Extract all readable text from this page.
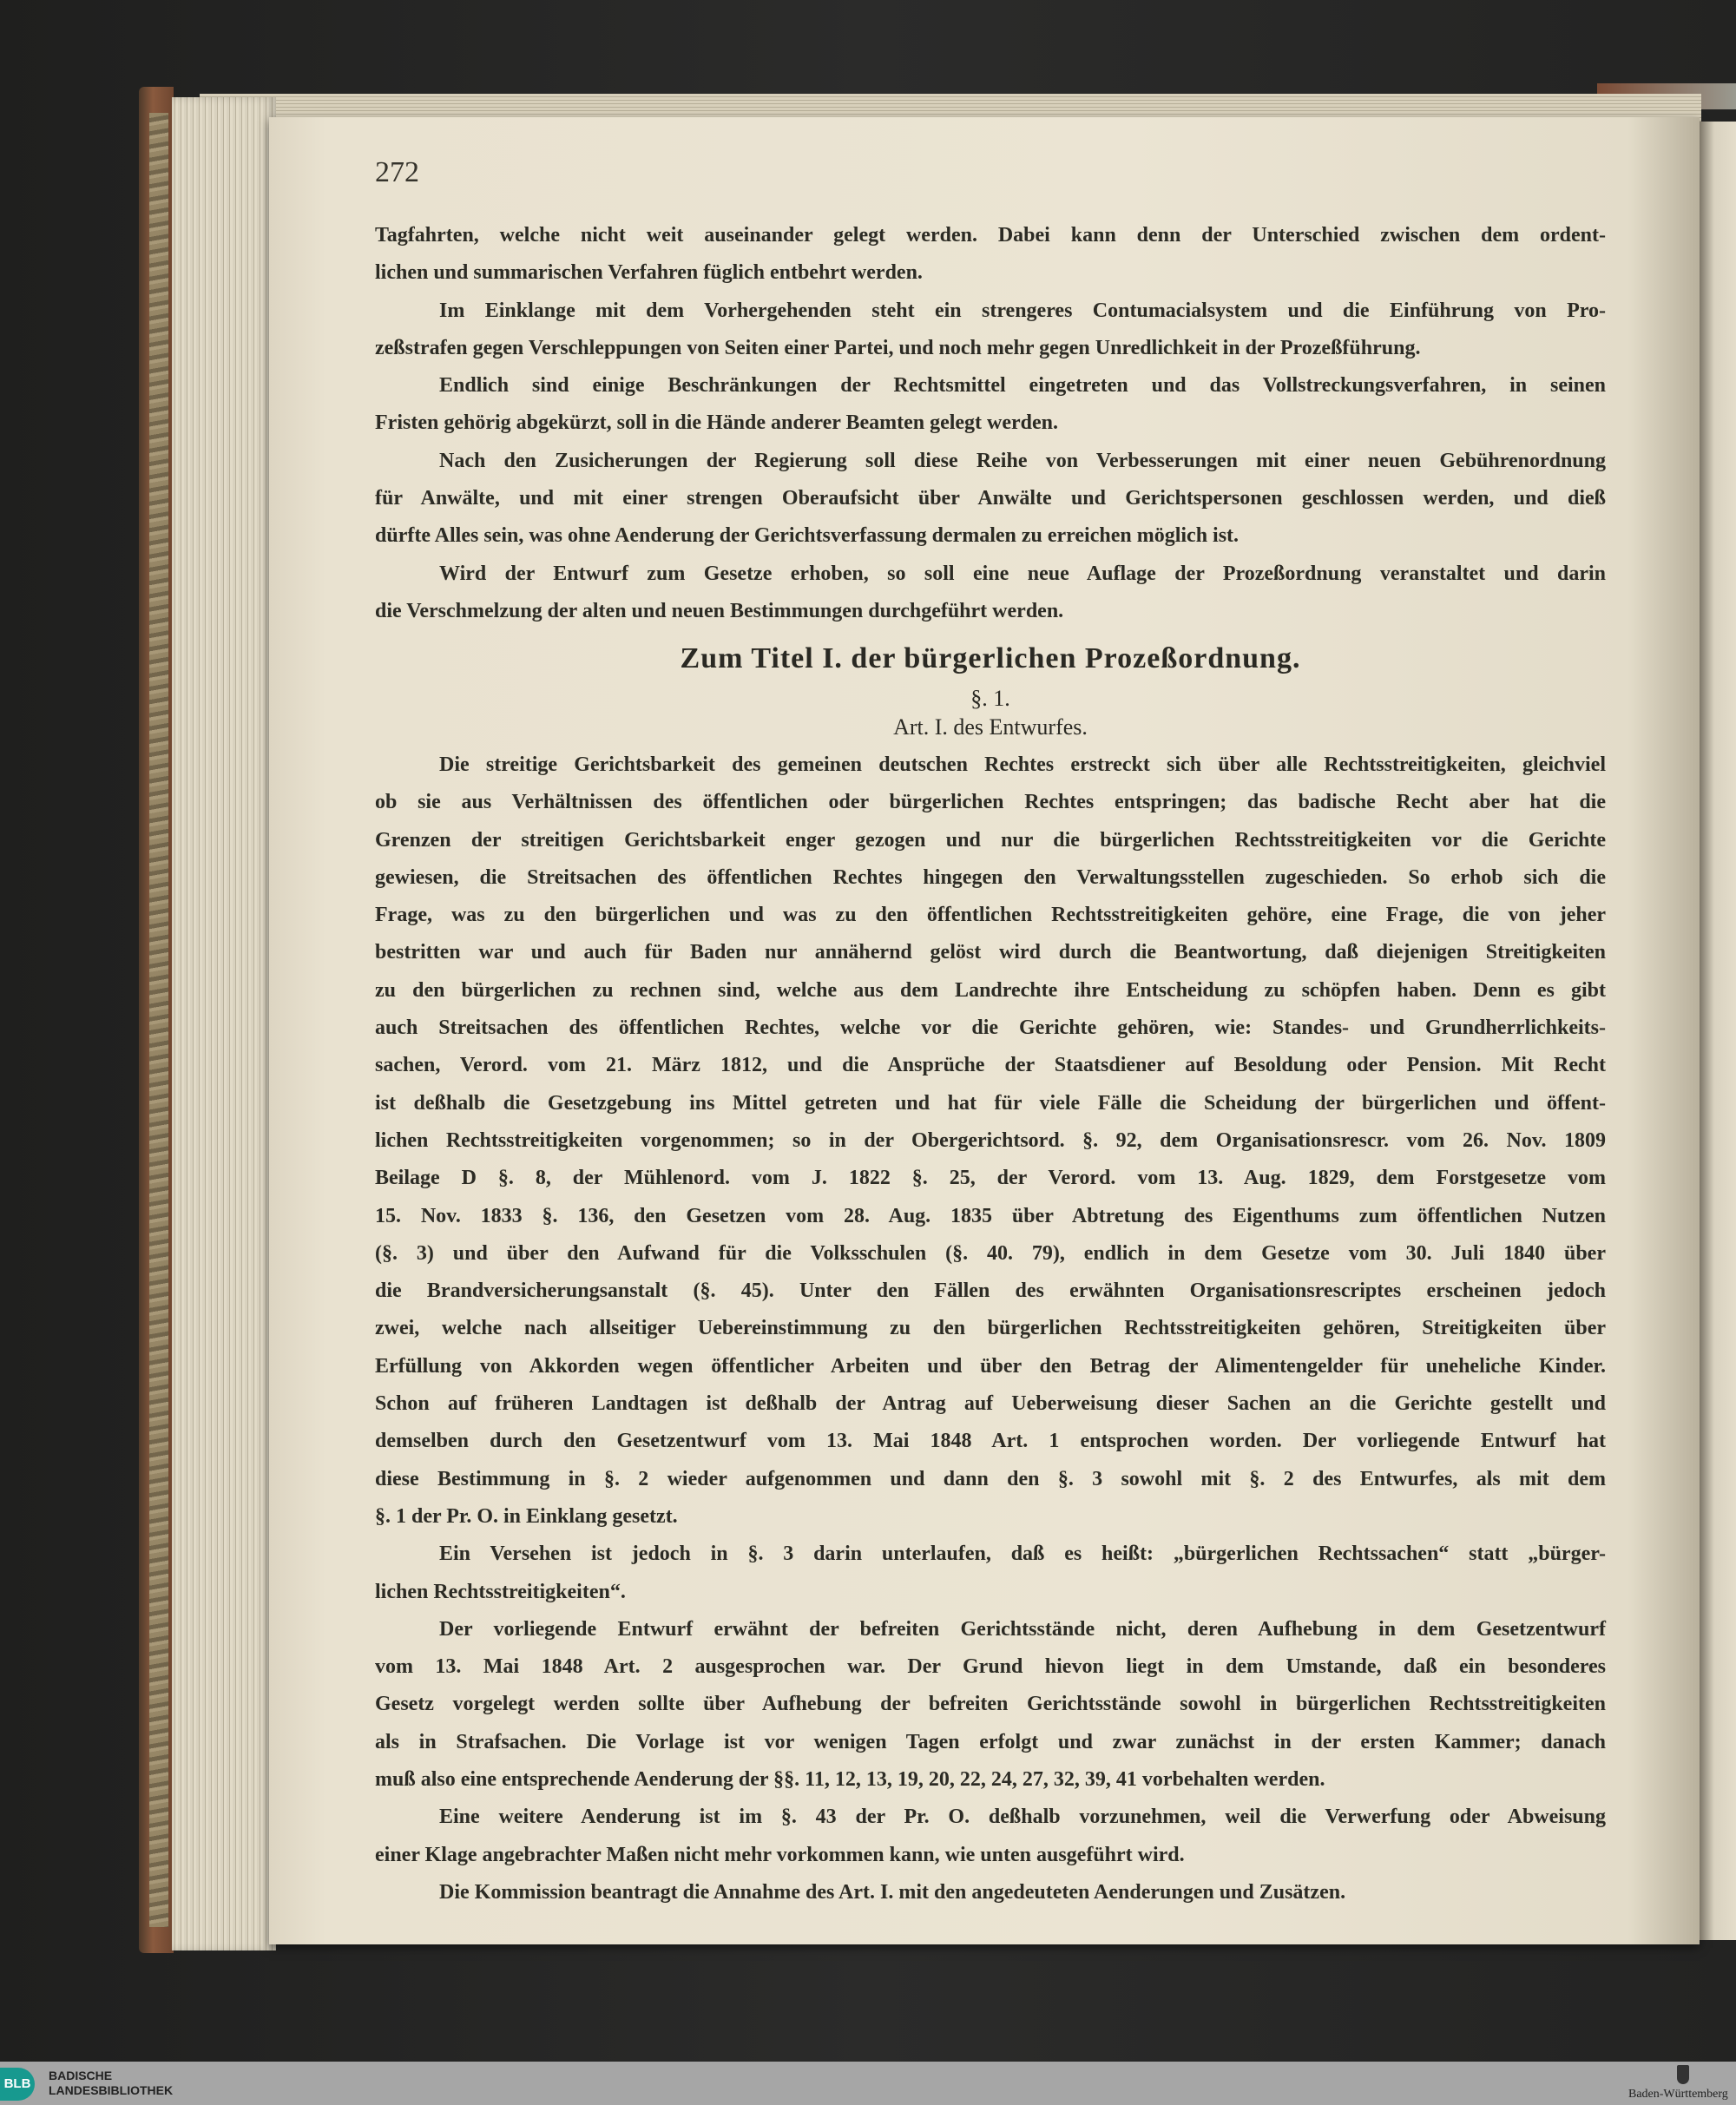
272
Tagfahrten, welche nicht weit auseinander gelegt werden. Dabei kann denn der Unterschied zwischen dem ordent-
lichen und summarischen Verfahren füglich entbehrt werden.
Im Einklange mit dem Vorhergehenden steht ein strengeres Contumacialsystem und die Einführung von Pro-
zeßstrafen gegen Verschleppungen von Seiten einer Partei, und noch mehr gegen Unredlichkeit in der Prozeßführung.
Endlich sind einige Beschränkungen der Rechtsmittel eingetreten und das Vollstreckungsverfahren, in seinen
Fristen gehörig abgekürzt, soll in die Hände anderer Beamten gelegt werden.
Nach den Zusicherungen der Regierung soll diese Reihe von Verbesserungen mit einer neuen Gebührenordnung
für Anwälte, und mit einer strengen Oberaufsicht über Anwälte und Gerichtspersonen geschlossen werden, und dieß
dürfte Alles sein, was ohne Aenderung der Gerichtsverfassung dermalen zu erreichen möglich ist.
Wird der Entwurf zum Gesetze erhoben, so soll eine neue Auflage der Prozeßordnung veranstaltet und darin
die Verschmelzung der alten und neuen Bestimmungen durchgeführt werden.
Zum Titel I. der bürgerlichen Prozeßordnung.
§. 1.
Art. I. des Entwurfes.
Die streitige Gerichtsbarkeit des gemeinen deutschen Rechtes erstreckt sich über alle Rechtsstreitigkeiten, gleichviel
ob sie aus Verhältnissen des öffentlichen oder bürgerlichen Rechtes entspringen; das badische Recht aber hat die
Grenzen der streitigen Gerichtsbarkeit enger gezogen und nur die bürgerlichen Rechtsstreitigkeiten vor die Gerichte
gewiesen, die Streitsachen des öffentlichen Rechtes hingegen den Verwaltungsstellen zugeschieden. So erhob sich die
Frage, was zu den bürgerlichen und was zu den öffentlichen Rechtsstreitigkeiten gehöre, eine Frage, die von jeher
bestritten war und auch für Baden nur annähernd gelöst wird durch die Beantwortung, daß diejenigen Streitigkeiten
zu den bürgerlichen zu rechnen sind, welche aus dem Landrechte ihre Entscheidung zu schöpfen haben. Denn es gibt
auch Streitsachen des öffentlichen Rechtes, welche vor die Gerichte gehören, wie: Standes- und Grundherrlichkeits-
sachen, Verord. vom 21. März 1812, und die Ansprüche der Staatsdiener auf Besoldung oder Pension. Mit Recht
ist deßhalb die Gesetzgebung ins Mittel getreten und hat für viele Fälle die Scheidung der bürgerlichen und öffent-
lichen Rechtsstreitigkeiten vorgenommen; so in der Obergerichtsord. §. 92, dem Organisationsrescr. vom 26. Nov. 1809
Beilage D §. 8, der Mühlenord. vom J. 1822 §. 25, der Verord. vom 13. Aug. 1829, dem Forstgesetze vom
15. Nov. 1833 §. 136, den Gesetzen vom 28. Aug. 1835 über Abtretung des Eigenthums zum öffentlichen Nutzen
(§. 3) und über den Aufwand für die Volksschulen (§. 40. 79), endlich in dem Gesetze vom 30. Juli 1840 über
die Brandversicherungsanstalt (§. 45). Unter den Fällen des erwähnten Organisationsrescriptes erscheinen jedoch
zwei, welche nach allseitiger Uebereinstimmung zu den bürgerlichen Rechtsstreitigkeiten gehören, Streitigkeiten über
Erfüllung von Akkorden wegen öffentlicher Arbeiten und über den Betrag der Alimentengelder für uneheliche Kinder.
Schon auf früheren Landtagen ist deßhalb der Antrag auf Ueberweisung dieser Sachen an die Gerichte gestellt und
demselben durch den Gesetzentwurf vom 13. Mai 1848 Art. 1 entsprochen worden. Der vorliegende Entwurf hat
diese Bestimmung in §. 2 wieder aufgenommen und dann den §. 3 sowohl mit §. 2 des Entwurfes, als mit dem
§. 1 der Pr. O. in Einklang gesetzt.
Ein Versehen ist jedoch in §. 3 darin unterlaufen, daß es heißt: „bürgerlichen Rechtssachen“ statt „bürger-
lichen Rechtsstreitigkeiten“.
Der vorliegende Entwurf erwähnt der befreiten Gerichtsstände nicht, deren Aufhebung in dem Gesetzentwurf
vom 13. Mai 1848 Art. 2 ausgesprochen war. Der Grund hievon liegt in dem Umstande, daß ein besonderes
Gesetz vorgelegt werden sollte über Aufhebung der befreiten Gerichtsstände sowohl in bürgerlichen Rechtsstreitigkeiten
als in Strafsachen. Die Vorlage ist vor wenigen Tagen erfolgt und zwar zunächst in der ersten Kammer; danach
muß also eine entsprechende Aenderung der §§. 11, 12, 13, 19, 20, 22, 24, 27, 32, 39, 41 vorbehalten werden.
Eine weitere Aenderung ist im §. 43 der Pr. O. deßhalb vorzunehmen, weil die Verwerfung oder Abweisung
einer Klage angebrachter Maßen nicht mehr vorkommen kann, wie unten ausgeführt wird.
Die Kommission beantragt die Annahme des Art. I. mit den angedeuteten Aenderungen und Zusätzen.
BLB
BADISCHE
LANDESBIBLIOTHEK	Baden-Württemberg
